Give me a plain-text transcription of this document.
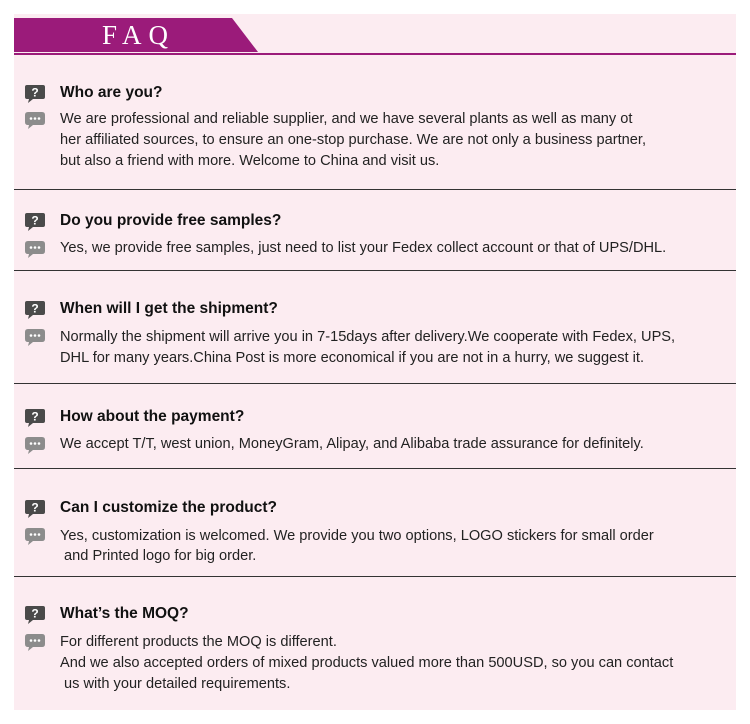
FAQ
? Who are you?
We are professional and reliable supplier, and we have several plants as well as many ot
her affiliated sources, to ensure an one-stop purchase. We are not only a business partner,
but also a friend with more. Welcome to China and visit us.
? Do you provide free samples?
Yes, we provide free samples, just need to list your Fedex collect account or that of UPS/DHL.
? When will I get the shipment?
Normally the shipment will arrive you in 7-15days after delivery.We cooperate with Fedex, UPS,
DHL for many years.China Post is more economical if you are not in a hurry, we suggest it.
? How about the payment?
We accept T/T, west union, MoneyGram, Alipay, and Alibaba trade assurance for definitely.
? Can I customize the product?
Yes, customization is welcomed. We provide you two options, LOGO stickers for small order
and Printed logo for big order.
? What’s the MOQ?
For different products the MOQ is different.
And we also accepted orders of mixed products valued more than 500USD, so you can contact
us with your detailed requirements.
